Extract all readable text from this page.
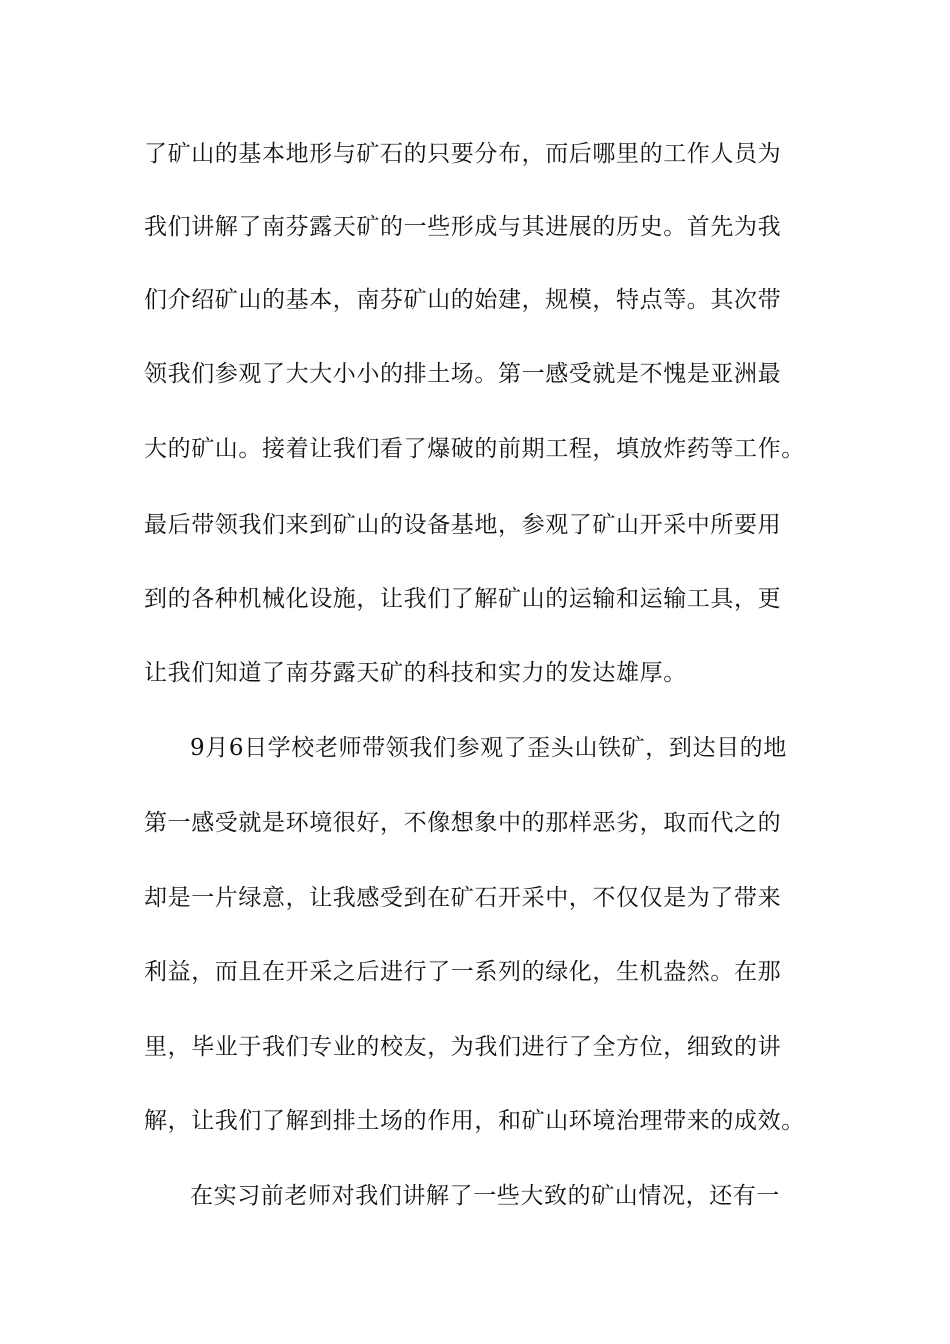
了矿山的基本地形与矿石的只要分布，而后哪里的工作人员为
我们讲解了南芬露天矿的一些形成与其进展的历史。首先为我
们介绍矿山的基本，南芬矿山的始建，规模，特点等。其次带
领我们参观了大大小小的排土场。第一感受就是不愧是亚洲最
大的矿山。接着让我们看了爆破的前期工程，填放炸药等工作。
最后带领我们来到矿山的设备基地，参观了矿山开采中所要用
到的各种机械化设施，让我们了解矿山的运输和运输工具，更
让我们知道了南芬露天矿的科技和实力的发达雄厚。
9月6日学校老师带领我们参观了歪头山铁矿，到达目的地
第一感受就是环境很好，不像想象中的那样恶劣，取而代之的
却是一片绿意，让我感受到在矿石开采中，不仅仅是为了带来
利益，而且在开采之后进行了一系列的绿化，生机盎然。在那
里，毕业于我们专业的校友，为我们进行了全方位，细致的讲
解，让我们了解到排土场的作用，和矿山环境治理带来的成效。
在实习前老师对我们讲解了一些大致的矿山情况，还有一
